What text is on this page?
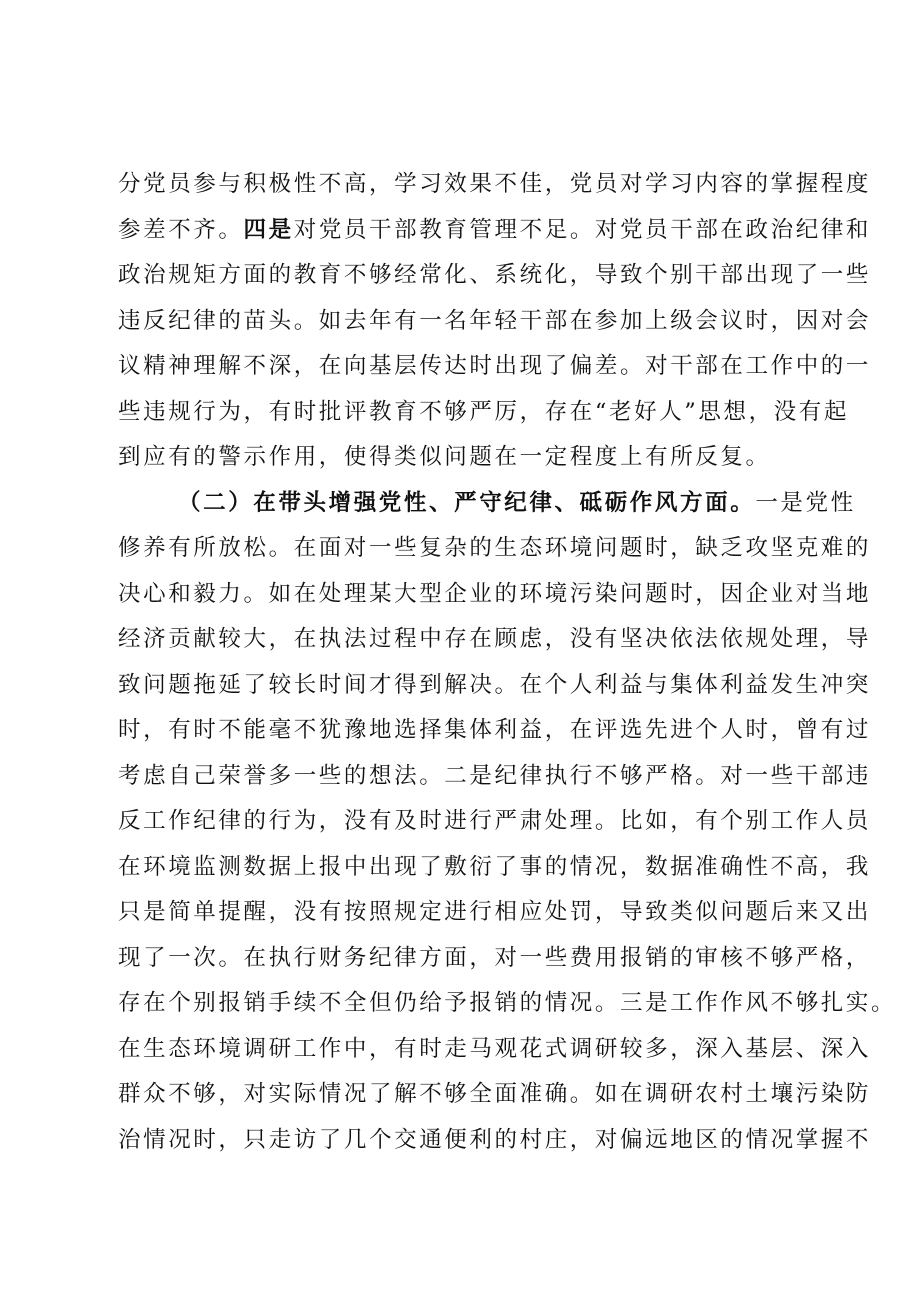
分党员参与积极性不高，学习效果不佳，党员对学习内容的掌握程度
参差不齐。四是对党员干部教育管理不足。对党员干部在政治纪律和
政治规矩方面的教育不够经常化、系统化，导致个别干部出现了一些
违反纪律的苗头。如去年有一名年轻干部在参加上级会议时，因对会
议精神理解不深，在向基层传达时出现了偏差。对干部在工作中的一
些违规行为，有时批评教育不够严厉，存在“老好人”思想，没有起
到应有的警示作用，使得类似问题在一定程度上有所反复。
（二）在带头增强党性、严守纪律、砥砺作风方面。一是党性
修养有所放松。在面对一些复杂的生态环境问题时，缺乏攻坚克难的
决心和毅力。如在处理某大型企业的环境污染问题时，因企业对当地
经济贡献较大，在执法过程中存在顾虑，没有坚决依法依规处理，导
致问题拖延了较长时间才得到解决。在个人利益与集体利益发生冲突
时，有时不能毫不犹豫地选择集体利益，在评选先进个人时，曾有过
考虑自己荣誉多一些的想法。二是纪律执行不够严格。对一些干部违
反工作纪律的行为，没有及时进行严肃处理。比如，有个别工作人员
在环境监测数据上报中出现了敷衍了事的情况，数据准确性不高，我
只是简单提醒，没有按照规定进行相应处罚，导致类似问题后来又出
现了一次。在执行财务纪律方面，对一些费用报销的审核不够严格，
存在个别报销手续不全但仍给予报销的情况。三是工作作风不够扎实。
在生态环境调研工作中，有时走马观花式调研较多，深入基层、深入
群众不够，对实际情况了解不够全面准确。如在调研农村土壤污染防
治情况时，只走访了几个交通便利的村庄，对偏远地区的情况掌握不
